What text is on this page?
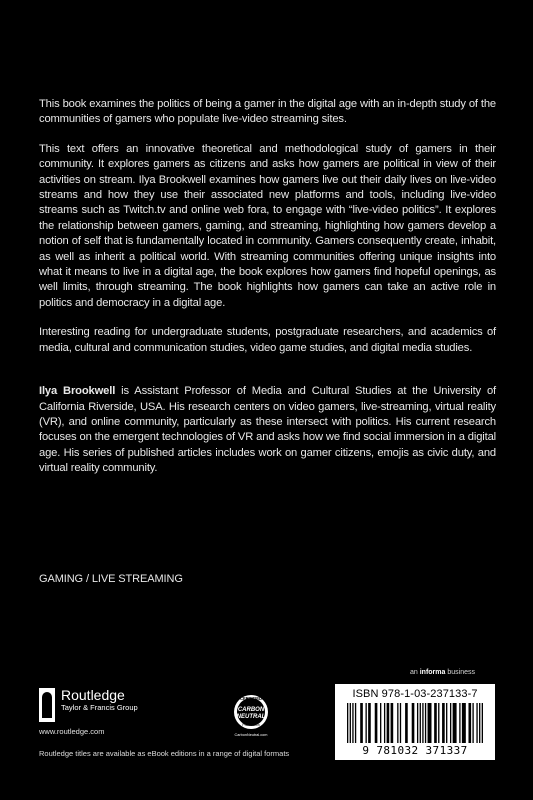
This book examines the politics of being a gamer in the digital age with an in-depth study of the communities of gamers who populate live-video streaming sites.

This text offers an innovative theoretical and methodological study of gamers in their community. It explores gamers as citizens and asks how gamers are political in view of their activities on stream. Ilya Brookwell examines how gamers live out their daily lives on live-video streams and how they use their associated new platforms and tools, including live-video streams such as Twitch.tv and online web fora, to engage with “live-video politics”. It explores the relationship between gamers, gaming, and streaming, highlighting how gamers develop a notion of self that is fundamentally located in community. Gamers consequently create, inhabit, as well as inherit a political world. With streaming communities offering unique insights into what it means to live in a digital age, the book explores how gamers find hopeful openings, as well limits, through streaming. The book highlights how gamers can take an active role in politics and democracy in a digital age.

Interesting reading for undergraduate students, postgraduate researchers, and academics of media, cultural and communication studies, video game studies, and digital media studies.

Ilya Brookwell is Assistant Professor of Media and Cultural Studies at the University of California Riverside, USA. His research centers on video gamers, live-streaming, virtual reality (VR), and online community, particularly as these intersect with politics. His current research focuses on the emergent technologies of VR and asks how we find social immersion in a digital age. His series of published articles includes work on gamer citizens, emojis as civic duty, and virtual reality community.

GAMING / LIVE STREAMING
an informa business
ISBN 978-1-03-237133-7
9 781032 371337
Routledge
Taylor & Francis Group
www.routledge.com
CERTIFIED
CARBON
NEUTRAL
Publication
CarbonNeutral.com
Routledge titles are available as eBook editions in a range of digital formats
